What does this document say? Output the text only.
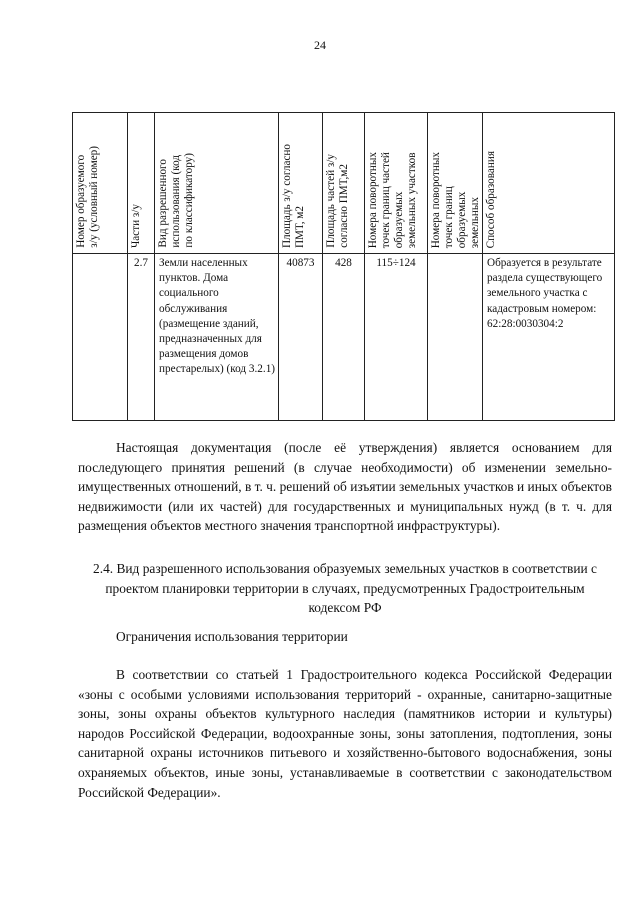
24
Номер образуемого
з/у (условный номер)	Части з/у	Вид разрешенного
использования (код
по классификатору)	Площадь з/у согласно
ПМТ, м2	Площадь частей з/у
согласно ПМТ,м2	Номера поворотных
точек границ частей
образуемых
земельных участков	Номера поворотных
точек границ
образуемых
земельных	Способ образования

	2.7	Земли населенных пунктов. Дома социального обслуживания (размещение зданий, предназначенных для размещения домов престарелых) (код 3.2.1)	40873	428	115÷124		Образуется в результате раздела существующего земельного участка с кадастровым номером: 62:28:0030304:2
Настоящая документация (после её утверждения) является основанием для последующего принятия решений (в случае необходимости) об изменении земельно-имущественных отношений, в т. ч. решений об изъятии земельных участков и иных объектов недвижимости (или их частей) для государственных и муниципальных нужд (в т. ч. для размещения объектов местного значения транспортной инфраструктуры).
2.4. Вид разрешенного использования образуемых земельных участков в соответствии с проектом планировки территории в случаях, предусмотренных Градостроительным кодексом РФ
Ограничения использования территории
В соответствии со статьей 1 Градостроительного кодекса Российской Федерации «зоны с особыми условиями использования территорий - охранные, санитарно-защитные зоны, зоны охраны объектов культурного наследия (памятников истории и культуры) народов Российской Федерации, водоохранные зоны, зоны затопления, подтопления, зоны санитарной охраны источников питьевого и хозяйственно-бытового водоснабжения, зоны охраняемых объектов, иные зоны, устанавливаемые в соответствии с законодательством Российской Федерации».
